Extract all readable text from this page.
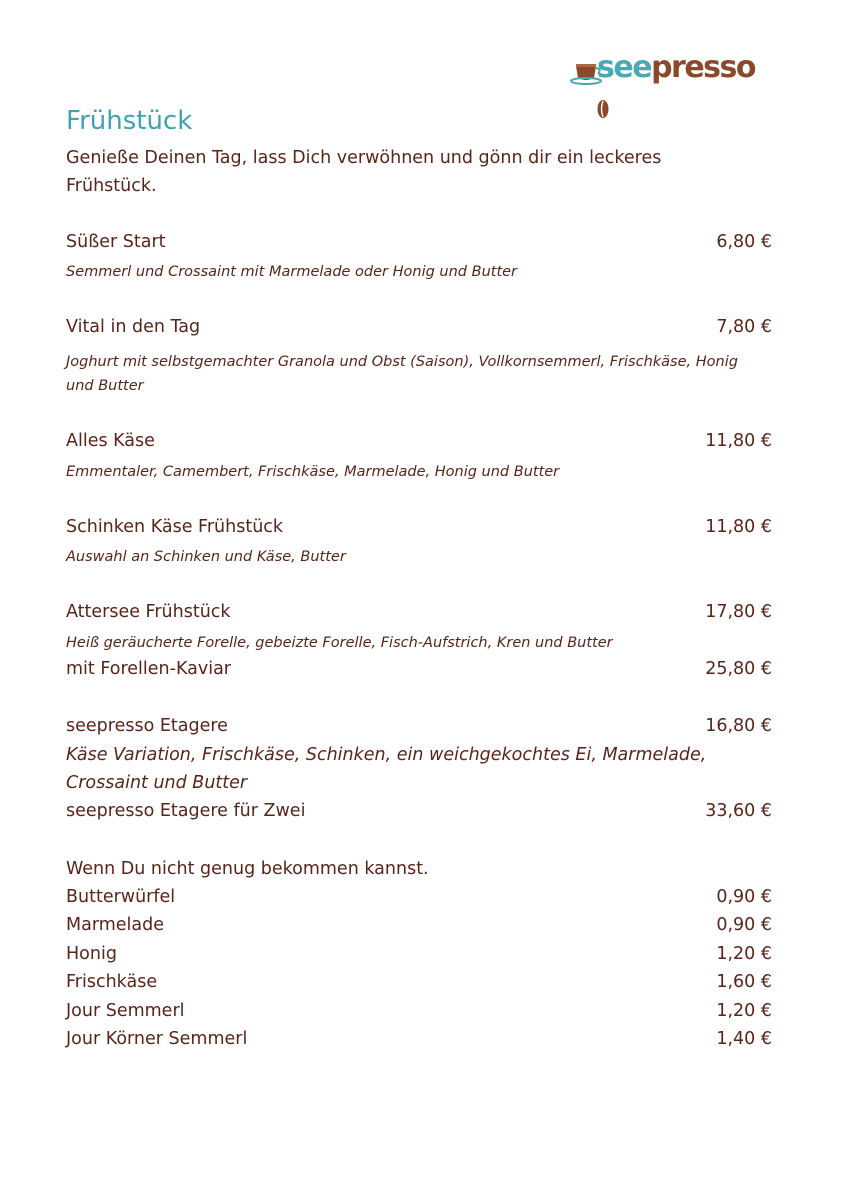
seepresso
Frühstück
Genieße Deinen Tag, lass Dich verwöhnen und gönn dir ein leckeres Frühstück.
Süßer Start	6,80 €
Semmerl und Crossaint mit Marmelade oder Honig und Butter
Vital in den Tag	7,80 €
Joghurt mit selbstgemachter Granola und Obst (Saison), Vollkornsemmerl, Frischkäse, Honig und Butter
Alles Käse	11,80 €
Emmentaler, Camembert, Frischkäse, Marmelade, Honig und Butter
Schinken Käse Frühstück	11,80 €
Auswahl an Schinken und Käse, Butter
Attersee Frühstück	17,80 €
Heiß geräucherte Forelle, gebeizte Forelle, Fisch-Aufstrich, Kren und Butter
mit Forellen-Kaviar	25,80 €
seepresso Etagere	16,80 €
Käse Variation, Frischkäse, Schinken, ein weichgekochtes Ei, Marmelade, Crossaint und Butter
seepresso Etagere für Zwei	33,60 €
Wenn Du nicht genug bekommen kannst.
Butterwürfel	0,90 €
Marmelade	0,90 €
Honig	1,20 €
Frischkäse	1,60 €
Jour Semmerl	1,20 €
Jour Körner Semmerl	1,40 €
